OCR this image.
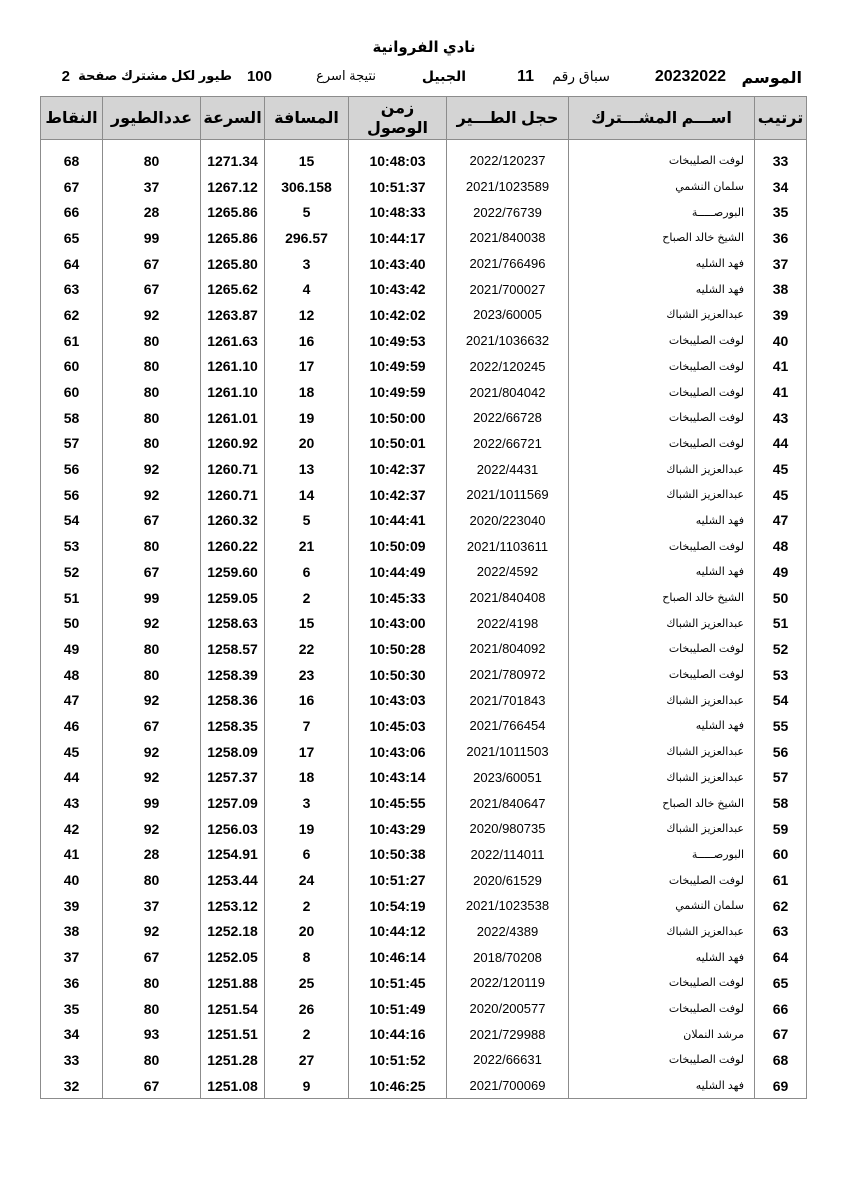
نادي الفروانية
الموسم
20232022
سباق رقم
11
الجبيل
نتيجة اسرع
100
طيور لكل مشترك صفحة
2
النقاط	عددالطيور	السرعة	المسافة	زمن الوصول	حجل الطـــير	اســـم المشـــترك	ترتيب

68	80	1271.34	15	10:48:03	2022/120237	لوفت الصليبخات	33
67	37	1267.12	306.158	10:51:37	2021/1023589	سلمان النشمي	34
66	28	1265.86	5	10:48:33	2022/76739	البورصـــــة	35
65	99	1265.86	296.57	10:44:17	2021/840038	الشيخ خالد الصباح	36
64	67	1265.80	3	10:43:40	2021/766496	فهد الشليه	37
63	67	1265.62	4	10:43:42	2021/700027	فهد الشليه	38
62	92	1263.87	12	10:42:02	2023/60005	عبدالعزيز الشباك	39
61	80	1261.63	16	10:49:53	2021/1036632	لوفت الصليبخات	40
60	80	1261.10	17	10:49:59	2022/120245	لوفت الصليبخات	41
60	80	1261.10	18	10:49:59	2021/804042	لوفت الصليبخات	41
58	80	1261.01	19	10:50:00	2022/66728	لوفت الصليبخات	43
57	80	1260.92	20	10:50:01	2022/66721	لوفت الصليبخات	44
56	92	1260.71	13	10:42:37	2022/4431	عبدالعزيز الشباك	45
56	92	1260.71	14	10:42:37	2021/1011569	عبدالعزيز الشباك	45
54	67	1260.32	5	10:44:41	2020/223040	فهد الشليه	47
53	80	1260.22	21	10:50:09	2021/1103611	لوفت الصليبخات	48
52	67	1259.60	6	10:44:49	2022/4592	فهد الشليه	49
51	99	1259.05	2	10:45:33	2021/840408	الشيخ خالد الصباح	50
50	92	1258.63	15	10:43:00	2022/4198	عبدالعزيز الشباك	51
49	80	1258.57	22	10:50:28	2021/804092	لوفت الصليبخات	52
48	80	1258.39	23	10:50:30	2021/780972	لوفت الصليبخات	53
47	92	1258.36	16	10:43:03	2021/701843	عبدالعزيز الشباك	54
46	67	1258.35	7	10:45:03	2021/766454	فهد الشليه	55
45	92	1258.09	17	10:43:06	2021/1011503	عبدالعزيز الشباك	56
44	92	1257.37	18	10:43:14	2023/60051	عبدالعزيز الشباك	57
43	99	1257.09	3	10:45:55	2021/840647	الشيخ خالد الصباح	58
42	92	1256.03	19	10:43:29	2020/980735	عبدالعزيز الشباك	59
41	28	1254.91	6	10:50:38	2022/114011	البورصـــــة	60
40	80	1253.44	24	10:51:27	2020/61529	لوفت الصليبخات	61
39	37	1253.12	2	10:54:19	2021/1023538	سلمان النشمي	62
38	92	1252.18	20	10:44:12	2022/4389	عبدالعزيز الشباك	63
37	67	1252.05	8	10:46:14	2018/70208	فهد الشليه	64
36	80	1251.88	25	10:51:45	2022/120119	لوفت الصليبخات	65
35	80	1251.54	26	10:51:49	2020/200577	لوفت الصليبخات	66
34	93	1251.51	2	10:44:16	2021/729988	مرشد النملان	67
33	80	1251.28	27	10:51:52	2022/66631	لوفت الصليبخات	68
32	67	1251.08	9	10:46:25	2021/700069	فهد الشليه	69
